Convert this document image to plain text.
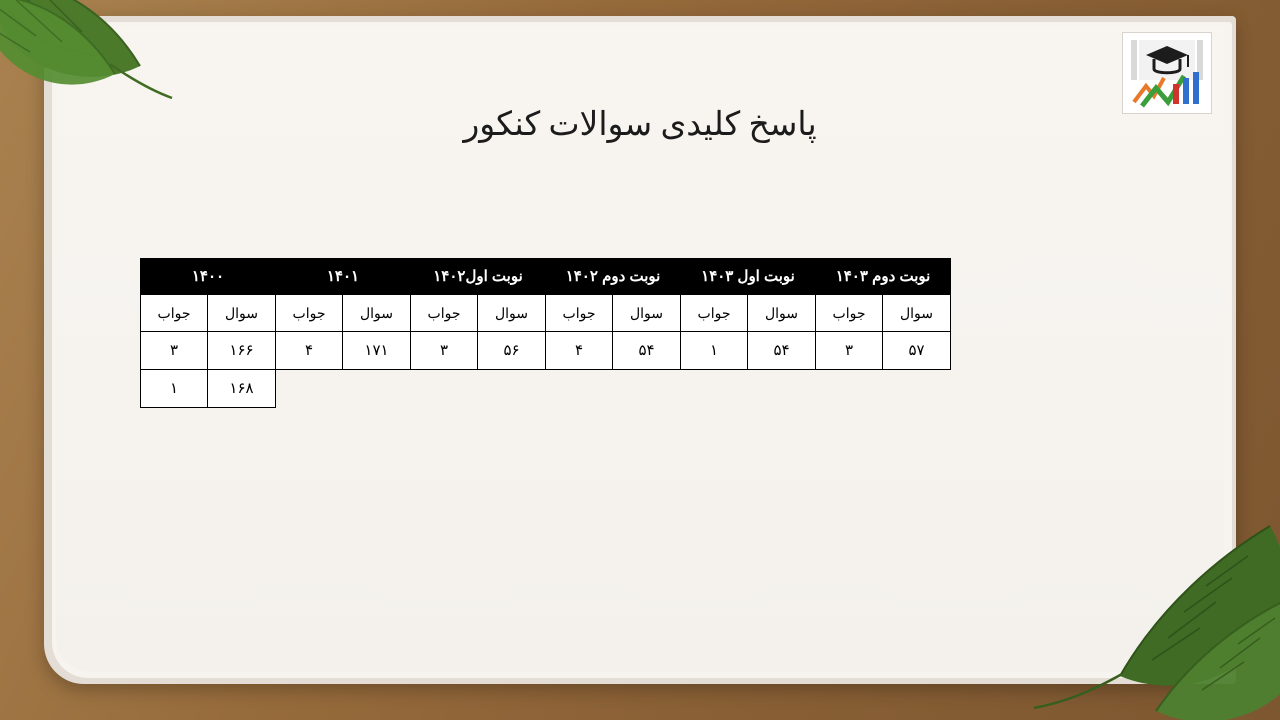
پاسخ کلیدی سوالات کنکور
نوبت دوم ۱۴۰۳		نوبت اول ۱۴۰۳		نوبت دوم ۱۴۰۲		نوبت اول۱۴۰۲		۱۴۰۱		۱۴۰۰	
سوال	جواب	سوال	جواب	سوال	جواب	سوال	جواب	سوال	جواب	سوال	جواب
۵۷	۳	۵۴	۱	۵۴	۴	۵۶	۳	۱۷۱	۴	۱۶۶	۳
										۱۶۸	۱
